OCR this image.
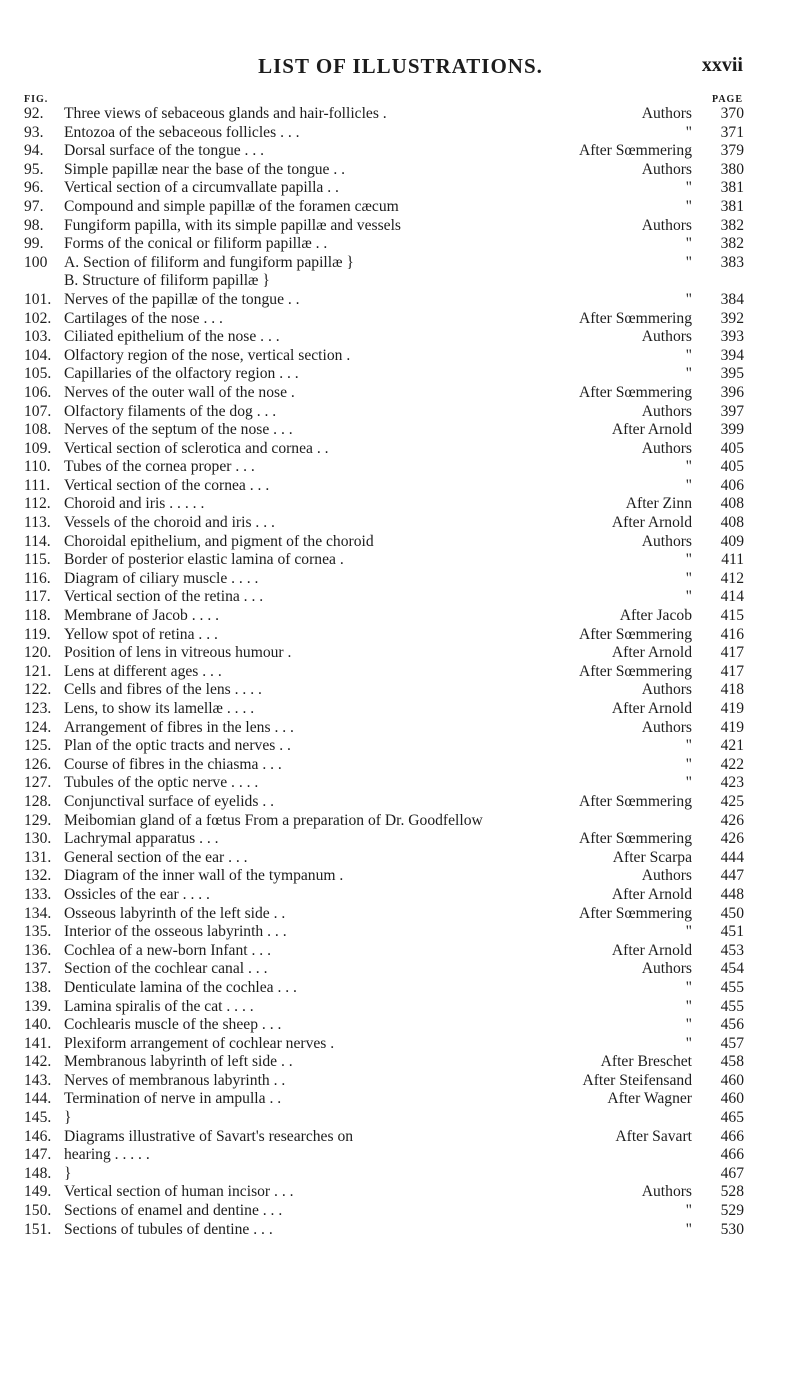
LIST OF ILLUSTRATIONS.	xxvii
FIG.	PAGE
92.	Three views of sebaceous glands and hair-follicles .	Authors	370
93.	Entozoa of the sebaceous follicles . . .	"	371
94.	Dorsal surface of the tongue . . .	After Sœmmering	379
95.	Simple papillæ near the base of the tongue . .	Authors	380
96.	Vertical section of a circumvallate papilla . .	"	381
97.	Compound and simple papillæ of the foramen cæcum	"	381
98.	Fungiform papilla, with its simple papillæ and vessels	Authors	382
99.	Forms of the conical or filiform papillæ . .	"	382
100	A. Section of filiform and fungiform papillæ }	"	383
B. Structure of filiform papillæ }
101. Nerves of the papillæ of the tongue . .	"	384
102. Cartilages of the nose . . .	After Sœmmering	392
103. Ciliated epithelium of the nose . . .	Authors	393
104. Olfactory region of the nose, vertical section .	"	394
105. Capillaries of the olfactory region . . .	"	395
106. Nerves of the outer wall of the nose .	After Sœmmering	396
107. Olfactory filaments of the dog . . .	Authors	397
108. Nerves of the septum of the nose . . .	After Arnold	399
109. Vertical section of sclerotica and cornea . .	Authors	405
110. Tubes of the cornea proper . . .	"	405
111. Vertical section of the cornea . . .	"	406
112. Choroid and iris . . . . .	After Zinn	408
113. Vessels of the choroid and iris . . .	After Arnold	408
114. Choroidal epithelium, and pigment of the choroid	Authors	409
115. Border of posterior elastic lamina of cornea .	"	411
116. Diagram of ciliary muscle . . . .	"	412
117. Vertical section of the retina . . .	"	414
118. Membrane of Jacob . . . .	After Jacob	415
119. Yellow spot of retina . . .	After Sœmmering	416
120. Position of lens in vitreous humour .	After Arnold	417
121. Lens at different ages . . .	After Sœmmering	417
122. Cells and fibres of the lens . . . .	Authors	418
123. Lens, to show its lamellæ . . . .	After Arnold	419
124. Arrangement of fibres in the lens . . .	Authors	419
125. Plan of the optic tracts and nerves . .	"	421
126. Course of fibres in the chiasma . . .	"	422
127. Tubules of the optic nerve . . . .	"	423
128. Conjunctival surface of eyelids . .	After Sœmmering	425
129. Meibomian gland of a fœtus From a preparation of Dr. Goodfellow	426
130. Lachrymal apparatus . . .	After Sœmmering	426
131. General section of the ear . . .	After Scarpa	444
132. Diagram of the inner wall of the tympanum .	Authors	447
133. Ossicles of the ear . . . .	After Arnold	448
134. Osseous labyrinth of the left side . .	After Sœmmering	450
135. Interior of the osseous labyrinth . . .	"	451
136. Cochlea of a new-born Infant . . .	After Arnold	453
137. Section of the cochlear canal . . .	Authors	454
138. Denticulate lamina of the cochlea . . .	"	455
139. Lamina spiralis of the cat . . . .	"	455
140. Cochlearis muscle of the sheep . . .	"	456
141. Plexiform arrangement of cochlear nerves .	"	457
142. Membranous labyrinth of left side . .	After Breschet	458
143. Nerves of membranous labyrinth . .	After Steifensand	460
144. Termination of nerve in ampulla . .	After Wagner	460
145. }	465
146. Diagrams illustrative of Savart's researches on	After Savart	466
147. hearing . . . . .	466
148. }	467
149. Vertical section of human incisor . . .	Authors	528
150. Sections of enamel and dentine . . .	"	529
151. Sections of tubules of dentine . . .	"	530
